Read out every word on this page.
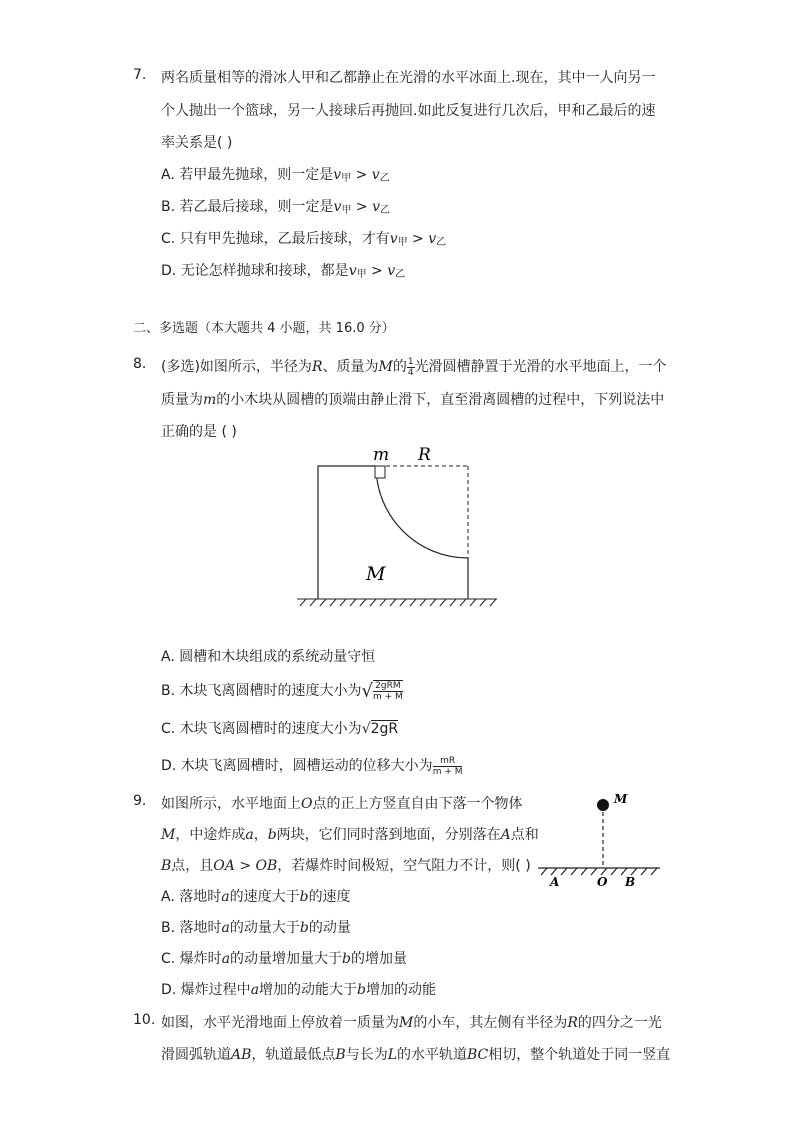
7. 两名质量相等的滑冰人甲和乙都静止在光滑的水平冰面上.现在，其中一人向另一
个人抛出一个篮球，另一人接球后再抛回.如此反复进行几次后，甲和乙最后的速
率关系是( )
A. 若甲最先抛球，则一定是$v_甲 > v_乙$
B. 若乙最后接球，则一定是$v_甲 > v_乙$
C. 只有甲先抛球，乙最后接球，才有$v_甲 > v_乙$
D. 无论怎样抛球和接球，都是$v_甲 > v_乙$
二、多选题（本大题共 4 小题，共 16.0 分）
8. (多选)如图所示，半径为R、质量为M的 $\frac{1}{4}$ 光滑圆槽静置于光滑的水平地面上，一个
质量为m的小木块从圆槽的顶端由静止滑下，直至滑离圆槽的过程中，下列说法中
正确的是 ( )
m R
M
A. 圆槽和木块组成的系统动量守恒
B. 木块飞离圆槽时的速度大小为√ $\frac{\text{2gRM}}{m + M}$
C. 木块飞离圆槽时的速度大小为√2gR
D. 木块飞离圆槽时，圆槽运动的位移大小为 $\frac{mR}{m + M}$
9. 如图所示，水平地面上O点的正上方竖直自由下落一个物体
M，中途炸成a，b两块，它们同时落到地面，分别落在A点和
B点，且OA > OB，若爆炸时间极短，空气阻力不计，则( )
M
A	O B
A. 落地时a的速度大于b的速度
B. 落地时a的动量大于b的动量
C. 爆炸时a的动量增加量大于b的增加量
D. 爆炸过程中a增加的动能大于b增加的动能
10. 如图，水平光滑地面上停放着一质量为M的小车，其左侧有半径为R的四分之一光
滑圆弧轨道AB，轨道最低点B与长为L的水平轨道BC相切，整个轨道处于同一竖直
